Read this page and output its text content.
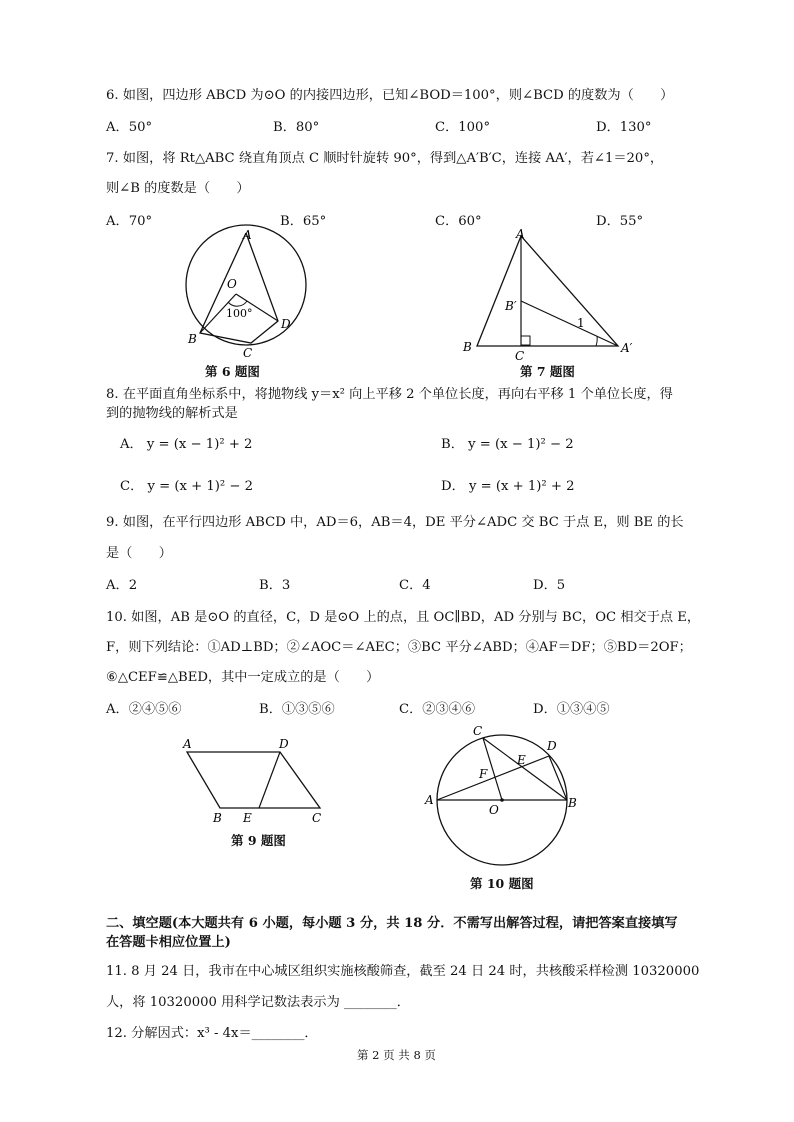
6. 如图，四边形 ABCD 为⊙O 的内接四边形，已知∠BOD＝100°，则∠BCD 的度数为（　　）
A．50°	B．80°	C．100°	D．130°
7. 如图，将 Rt△ABC 绕直角顶点 C 顺时针旋转 90°，得到△A′B′C，连接 AA′，若∠1＝20°，
则∠B 的度数是（　　）
A．70°	B．65°	C．60°	D．55°
A
O
100°
B
D
C
第 6 题图
A
B′
1
B
C
A′
第 7 题图
8. 在平面直角坐标系中，将抛物线 y＝x² 向上平移 2 个单位长度，再向右平移 1 个单位长度，得
到的抛物线的解析式是
A． y = (x − 1)² + 2	B． y = (x − 1)² − 2
C． y = (x + 1)² − 2	D． y = (x + 1)² + 2
9. 如图，在平行四边形 ABCD 中，AD＝6，AB＝4，DE 平分∠ADC 交 BC 于点 E，则 BE 的长
是（　　）
A．2	B．3	C．4	D．5
10. 如图，AB 是⊙O 的直径，C，D 是⊙O 上的点，且 OC∥BD，AD 分别与 BC，OC 相交于点 E，
F，则下列结论：①AD⊥BD；②∠AOC＝∠AEC；③BC 平分∠ABD；④AF＝DF；⑤BD＝2OF；
⑥△CEF≌△BED，其中一定成立的是（　　）
A．②④⑤⑥	B．①③⑤⑥	C．②③④⑥	D．①③④⑤
A	D
B E	C
第 9 题图
C
D
E
F
A
O	B
第 10 题图
二、填空题(本大题共有 6 小题，每小题 3 分，共 18 分．不需写出解答过程，请把答案直接填写
在答题卡相应位置上)
11. 8 月 24 日，我市在中心城区组织实施核酸筛查，截至 24 日 24 时，共核酸采样检测 10320000
人，将 10320000 用科学记数法表示为 ________．
12. 分解因式：x³ - 4x＝________．
第 2 页 共 8 页
